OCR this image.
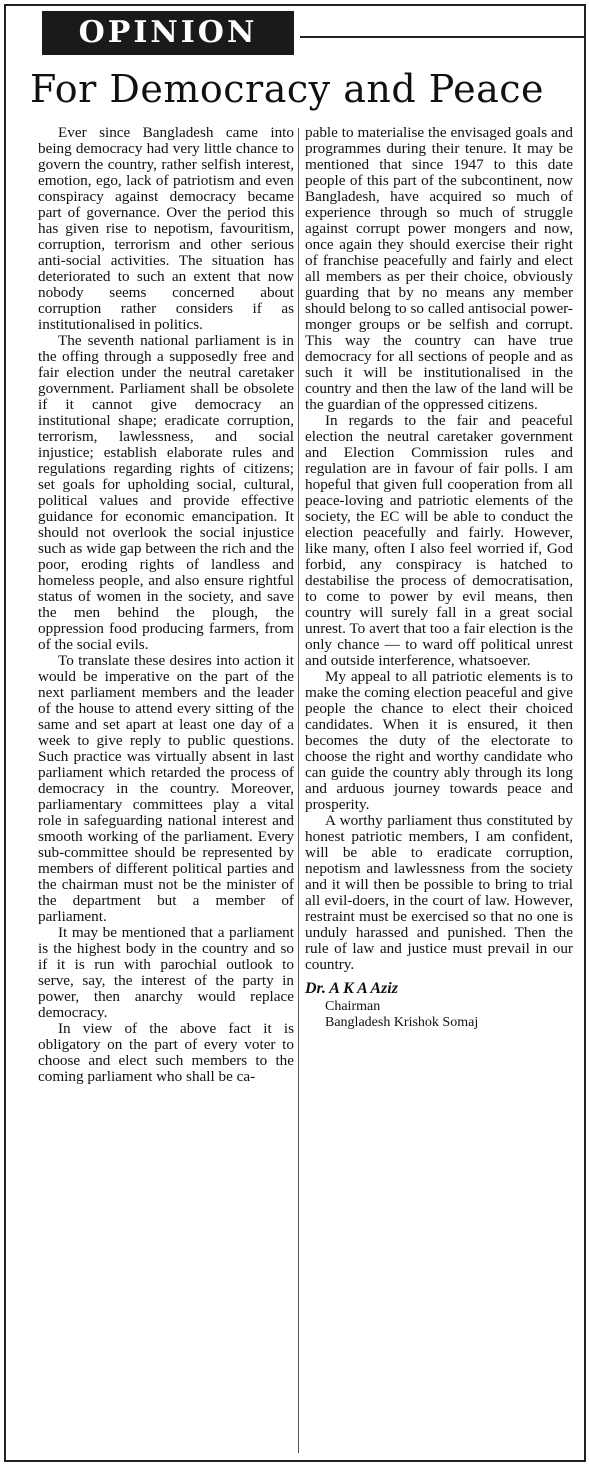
OPINION
For Democracy and Peace

Ever since Bangladesh came into being democracy had very little chance to govern the country, rather selfish interest, emotion, ego, lack of patriotism and even conspiracy against democracy became part of governance. Over the period this has given rise to nepotism, favouritism, corruption, terrorism and other serious anti-social activities. The situation has deteriorated to such an extent that now nobody seems concerned about corruption rather considers if as institutionalised in politics.

The seventh national parliament is in the offing through a supposedly free and fair election under the neutral caretaker government. Parliament shall be obsolete if it cannot give democracy an institutional shape; eradicate corruption, terrorism, lawlessness, and social injustice; establish elaborate rules and regulations regarding rights of citizens; set goals for upholding social, cultural, political values and provide effective guidance for economic emancipation. It should not overlook the social injustice such as wide gap between the rich and the poor, eroding rights of landless and homeless people, and also ensure rightful status of women in the society, and save the men behind the plough, the oppression food producing farmers, from of the social evils.

To translate these desires into action it would be imperative on the part of the next parliament members and the leader of the house to attend every sitting of the same and set apart at least one day of a week to give reply to public questions. Such practice was virtually absent in last parliament which retarded the process of democracy in the country. Moreover, parliamentary committees play a vital role in safeguarding national interest and smooth working of the parliament. Every sub-committee should be represented by members of different political parties and the chairman must not be the minister of the department but a member of parliament.

It may be mentioned that a parliament is the highest body in the country and so if it is run with parochial outlook to serve, say, the interest of the party in power, then anarchy would replace democracy.

In view of the above fact it is obligatory on the part of every voter to choose and elect such members to the coming parliament who shall be ca-

pable to materialise the envisaged goals and programmes during their tenure. It may be mentioned that since 1947 to this date people of this part of the subcontinent, now Bangladesh, have acquired so much of experience through so much of struggle against corrupt power mongers and now, once again they should exercise their right of franchise peacefully and fairly and elect all members as per their choice, obviously guarding that by no means any member should belong to so called antisocial power-monger groups or be selfish and corrupt. This way the country can have true democracy for all sections of people and as such it will be institutionalised in the country and then the law of the land will be the guardian of the oppressed citizens.

In regards to the fair and peaceful election the neutral caretaker government and Election Commission rules and regulation are in favour of fair polls. I am hopeful that given full cooperation from all peace-loving and patriotic elements of the society, the EC will be able to conduct the election peacefully and fairly. However, like many, often I also feel worried if, God forbid, any conspiracy is hatched to destabilise the process of democratisation, to come to power by evil means, then country will surely fall in a great social unrest. To avert that too a fair election is the only chance — to ward off political unrest and outside interference, whatsoever.

My appeal to all patriotic elements is to make the coming election peaceful and give people the chance to elect their choiced candidates. When it is ensured, it then becomes the duty of the electorate to choose the right and worthy candidate who can guide the country ably through its long and arduous journey towards peace and prosperity.

A worthy parliament thus constituted by honest patriotic members, I am confident, will be able to eradicate corruption, nepotism and lawlessness from the society and it will then be possible to bring to trial all evil-doers, in the court of law. However, restraint must be exercised so that no one is unduly harassed and punished. Then the rule of law and justice must prevail in our country.

Dr. A K A Aziz

Chairman

Bangladesh Krishok Somaj
